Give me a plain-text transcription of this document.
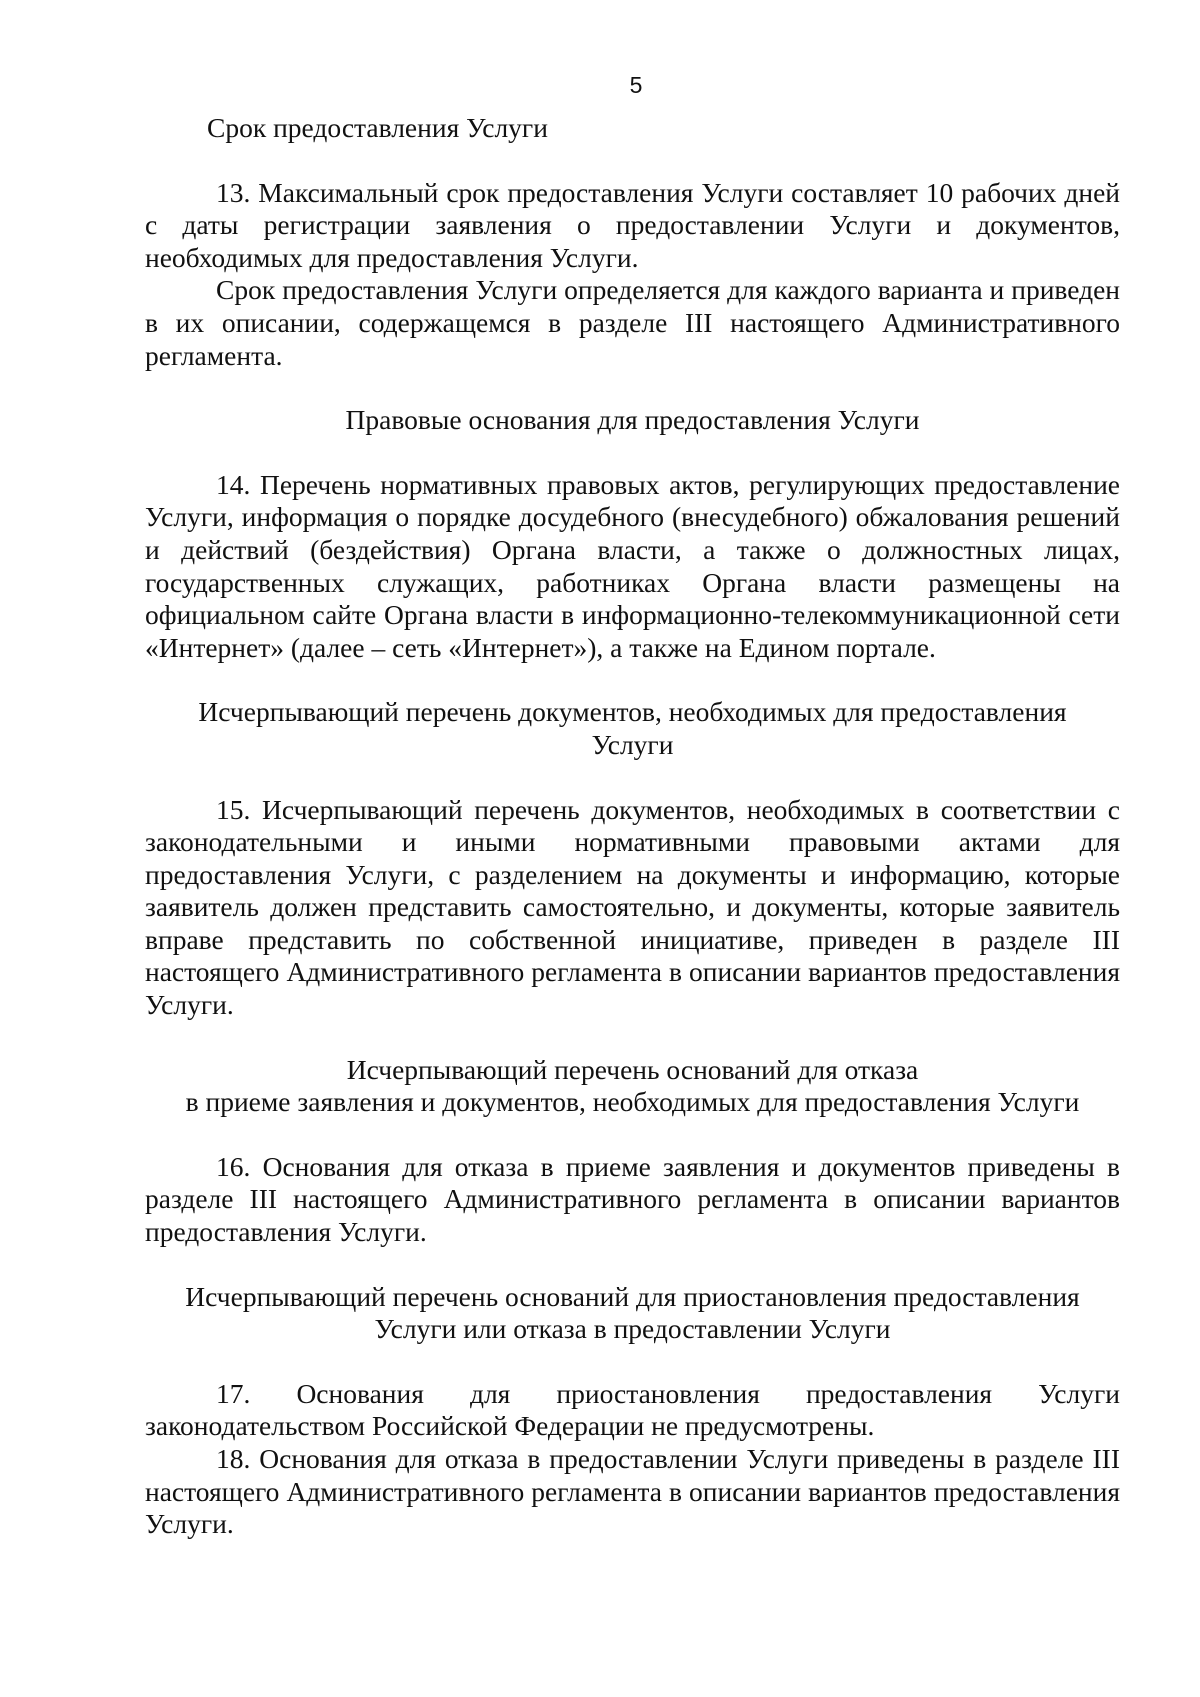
5

Срок предоставления Услуги

13. Максимальный срок предоставления Услуги составляет 10 рабочих дней с даты регистрации заявления о предоставлении Услуги и документов, необходимых для предоставления Услуги.

Срок предоставления Услуги определяется для каждого варианта и приведен в их описании, содержащемся в разделе III настоящего Административного регламента.

Правовые основания для предоставления Услуги

14. Перечень нормативных правовых актов, регулирующих предоставление Услуги, информация о порядке досудебного (внесудебного) обжалования решений и действий (бездействия) Органа власти, а также о должностных лицах, государственных служащих, работниках Органа власти размещены на официальном сайте Органа власти в информационно-телекоммуникационной сети «Интернет» (далее – сеть «Интернет»), а также на Едином портале.

Исчерпывающий перечень документов, необходимых для предоставления
Услуги

15. Исчерпывающий перечень документов, необходимых в соответствии с законодательными и иными нормативными правовыми актами для предоставления Услуги, с разделением на документы и информацию, которые заявитель должен представить самостоятельно, и документы, которые заявитель вправе представить по собственной инициативе, приведен в разделе III настоящего Административного регламента в описании вариантов предоставления Услуги.

Исчерпывающий перечень оснований для отказа
в приеме заявления и документов, необходимых для предоставления Услуги

16. Основания для отказа в приеме заявления и документов приведены в разделе III настоящего Административного регламента в описании вариантов предоставления Услуги.

Исчерпывающий перечень оснований для приостановления предоставления
Услуги или отказа в предоставлении Услуги

17. Основания для приостановления предоставления Услуги законодательством Российской Федерации не предусмотрены.

18. Основания для отказа в предоставлении Услуги приведены в разделе III настоящего Административного регламента в описании вариантов предоставления Услуги.
